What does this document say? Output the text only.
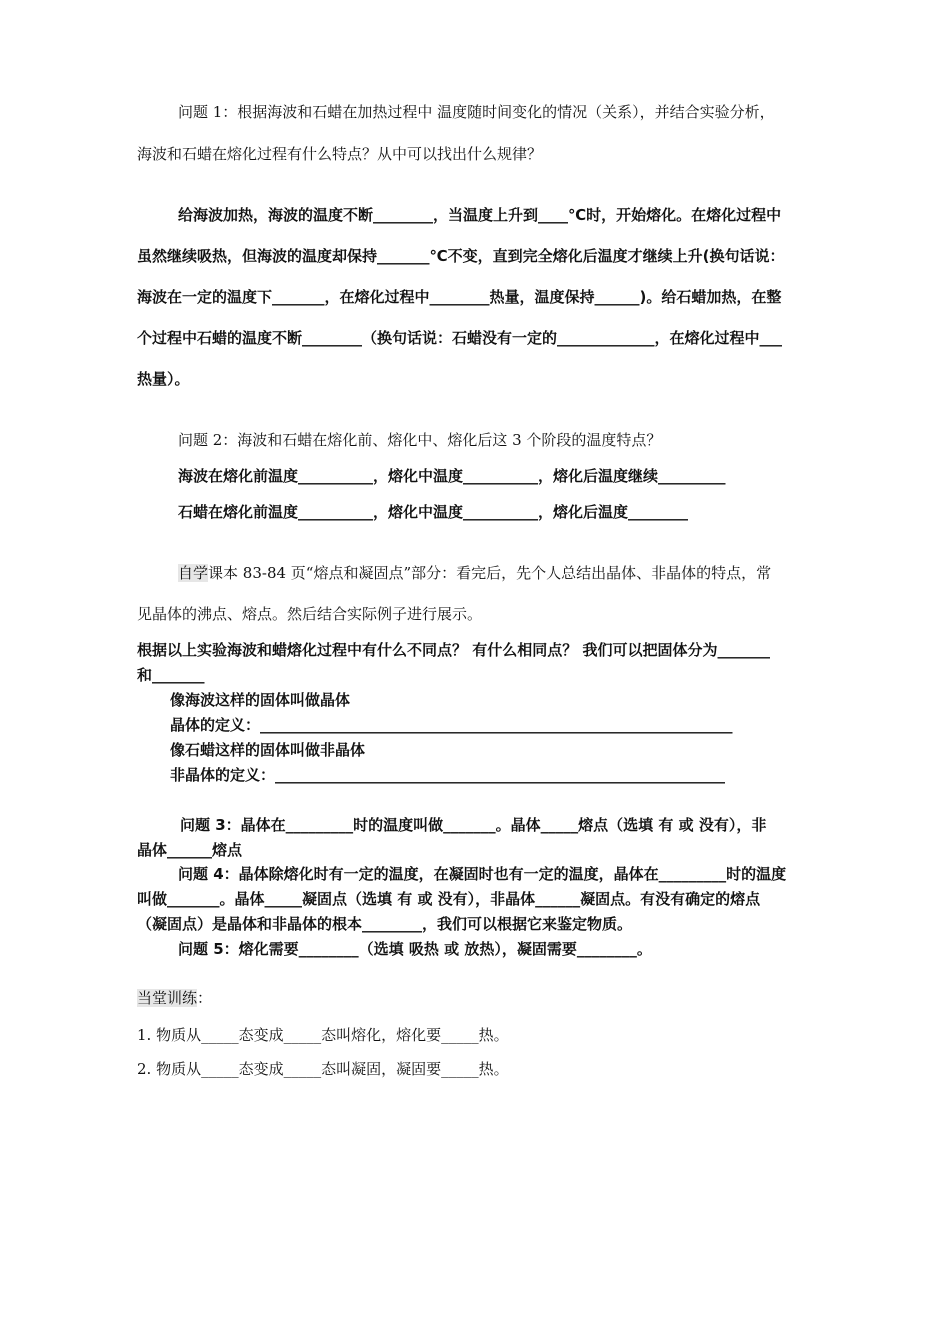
问题 1：根据海波和石蜡在加热过程中 温度随时间变化的情况（关系），并结合实验分析，
海波和石蜡在熔化过程有什么特点？从中可以找出什么规律？
给海波加热，海波的温度不断________，当温度上升到____℃时，开始熔化。在熔化过程中
虽然继续吸热，但海波的温度却保持_______℃不变，直到完全熔化后温度才继续上升(换句话说：
海波在一定的温度下_______，在熔化过程中________热量，温度保持______)。给石蜡加热，在整
个过程中石蜡的温度不断________（换句话说：石蜡没有一定的_____________，在熔化过程中___
热量）。
问题 2：海波和石蜡在熔化前、熔化中、熔化后这 3 个阶段的温度特点？
海波在熔化前温度__________，熔化中温度__________，熔化后温度继续_________
石蜡在熔化前温度__________，熔化中温度__________，熔化后温度________
自学课本 83-84 页“熔点和凝固点”部分：看完后，先个人总结出晶体、非晶体的特点，常
见晶体的沸点、熔点。然后结合实际例子进行展示。
根据以上实验海波和蜡熔化过程中有什么不同点？ 有什么相同点？ 我们可以把固体分为_______
和_______
像海波这样的固体叫做晶体
晶体的定义：_______________________________________________________________
像石蜡这样的固体叫做非晶体
非晶体的定义：____________________________________________________________
问题 3：晶体在_________时的温度叫做_______。晶体_____熔点（选填 有 或 没有），非
晶体______熔点
问题 4：晶体除熔化时有一定的温度，在凝固时也有一定的温度，晶体在_________时的温度
叫做_______。晶体_____凝固点（选填 有 或 没有），非晶体______凝固点。有没有确定的熔点
（凝固点）是晶体和非晶体的根本________，我们可以根据它来鉴定物质。
问题 5：熔化需要________（选填 吸热 或 放热），凝固需要________。
当堂训练：
1. 物质从_____态变成_____态叫熔化，熔化要_____热。
2. 物质从_____态变成_____态叫凝固，凝固要_____热。
